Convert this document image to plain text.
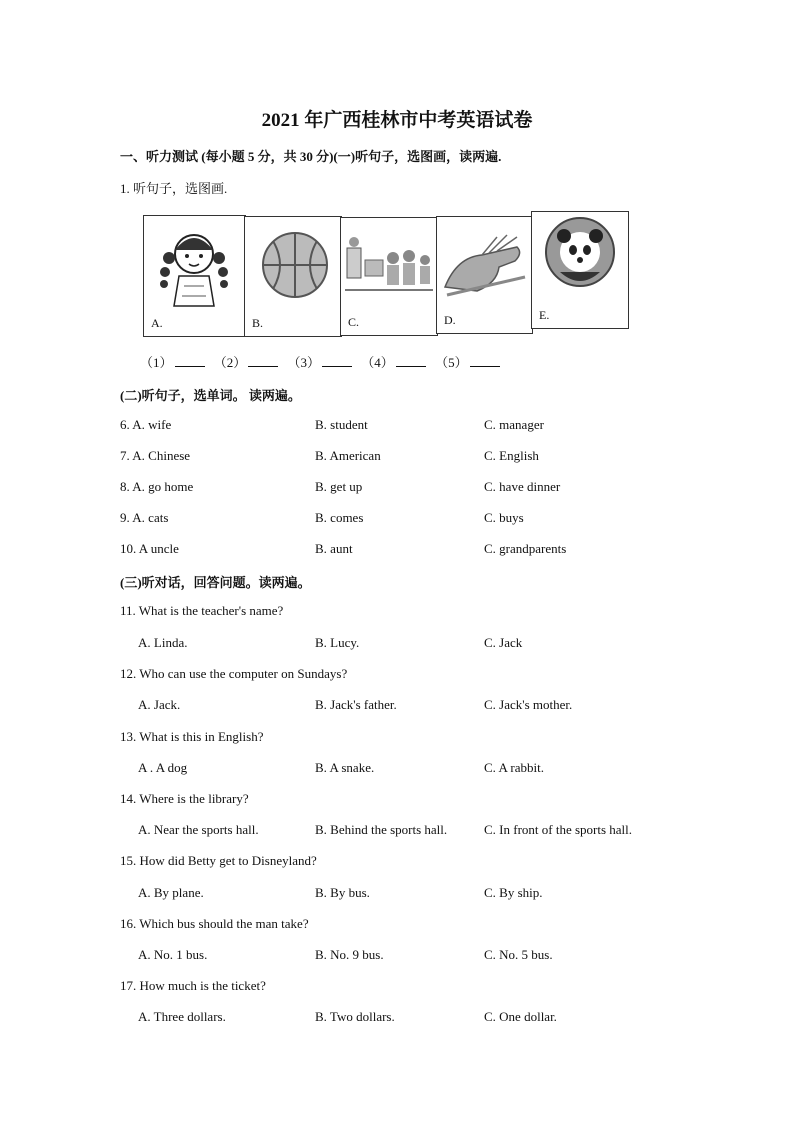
2021 年广西桂林市中考英语试卷
一、听力测试 (每小题 5 分，共 30 分)(一)听句子，选图画，读两遍.
1. 听句子，选图画.
A.	B.	C.	D.	E.
（1）	（2）	（3）	（4）	（5）
(二)听句子，选单词。 读两遍。
6. A. wife	B. student	C. manager
7. A. Chinese	B. American	C. English
8. A. go home	B. get up	C. have dinner
9. A. cats	B. comes	C. buys
10. A uncle	B. aunt	C. grandparents
(三)听对话，回答问题。读两遍。
11. What is the teacher's name?
A. Linda.	B. Lucy.	C. Jack
12. Who can use the computer on Sundays?
A. Jack.	B. Jack's father.	C. Jack's mother.
13. What is this in English?
A . A dog	B. A snake.	C. A rabbit.
14. Where is the library?
A. Near the sports hall.	B. Behind the sports hall.	C. In front of the sports hall.
15. How did Betty get to Disneyland?
A. By plane.	B. By bus.	C. By ship.
16. Which bus should the man take?
A. No. 1 bus.	B. No. 9 bus.	C. No. 5 bus.
17. How much is the ticket?
A. Three dollars.	B. Two dollars.	C. One dollar.
